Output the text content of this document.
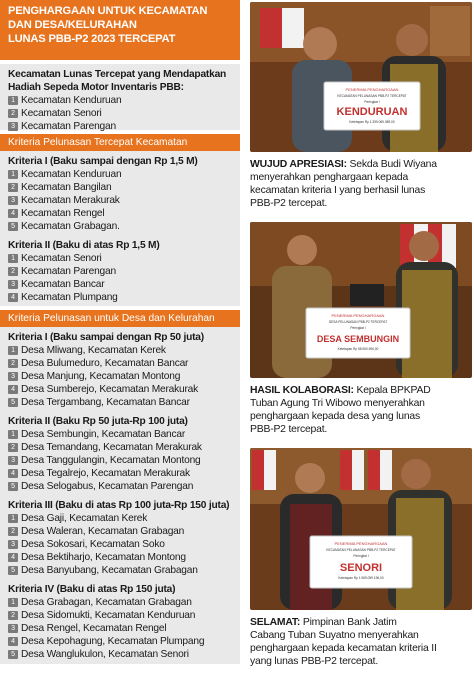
PENGHARGAAN UNTUK KECAMATAN
DAN DESA/KELURAHAN
LUNAS PBB-P2 2023 TERCEPAT
Kecamatan Lunas Tercepat yang Mendapatkan
Hadiah Sepeda Motor Inventaris PBB:
1 Kecamatan Kenduruan
2 Kecamatan Senori
3 Kecamatan Parengan
Kriteria Pelunasan Tercepat Kecamatan
Kriteria I (Baku sampai dengan Rp 1,5 M)
1 Kecamatan Kenduruan
2 Kecamatan Bangilan
3 Kecamatan Merakurak
4 Kecamatan Rengel
5 Kecamatan Grabagan.
Kriteria II (Baku di atas Rp 1,5 M)
1 Kecamatan Senori
2 Kecamatan Parengan
3 Kecamatan Bancar
4 Kecamatan Plumpang
Kriteria Pelunasan untuk Desa dan Kelurahan
Kriteria I (Baku sampai dengan Rp 50 juta)
1 Desa Mliwang, Kecamatan Kerek
2 Desa Bulumeduro, Kecamatan Bancar
3 Desa Manjung, Kecamatan Montong
4 Desa Sumberejo, Kecamatan Merakurak
5 Desa Tergambang, Kecamatan Bancar
Kriteria II (Baku Rp 50 juta-Rp 100 juta)
1 Desa Sembungin, Kecamatan Bancar
2 Desa Temandang, Kecamatan Merakurak
3 Desa Tanggulangin, Kecamatan Montong
4 Desa Tegalrejo, Kecamatan Merakurak
5 Desa Selogabus, Kecamatan Parengan
Kriteria III (Baku di atas Rp 100 juta-Rp 150 juta)
1 Desa Gaji, Kecamatan Kerek
2 Desa Waleran, Kecamatan Grabagan
3 Desa Sokosari, Kecamatan Soko
4 Desa Bektiharjo, Kecamatan Montong
5 Desa Banyubang, Kecamatan Grabagan
Kriteria IV (Baku di atas Rp 150 juta)
1 Desa Grabagan, Kecamatan Grabagan
2 Desa Sidomukti, Kecamatan Kenduruan
3 Desa Rengel, Kecamatan Rengel
4 Desa Kepohagung, Kecamatan Plumpang
5 Desa Wanglukulon, Kecamatan Senori
PENERIMA PENGHARGAAN
KECAMATAN PELUNASAN PBB-P2 TERCEPAT
Peringkat I
KENDURUAN
Ketetapan Rp 1.359.069.089,00
WUJUD APRESIASI: Sekda Budi Wiyana
menyerahkan penghargaan kepada
kecamatan kriteria I yang berhasil lunas
PBB-P2 tercepat.
PENERIMA PENGHARGAAN
DESA PELUNASAN PBB-P2 TERCEPAT
Peringkat I
DESA SEMBUNGIN
Ketetapan Rp 58.960.906,00
HASIL KOLABORASI: Kepala BPKPAD
Tuban Agung Tri Wibowo menyerahkan
penghargaan kepada desa yang lunas
PBB-P2 tercepat.
PENERIMA PENGHARGAAN
KECAMATAN PELUNASAN PBB-P2 TERCEPAT
Peringkat I
SENORI
Ketetapan Rp 1.969.059.196,00
SELAMAT: Pimpinan Bank Jatim
Cabang Tuban Suyatno menyerahkan
penghargaan kepada kecamatan kriteria II
yang lunas PBB-P2 tercepat.
